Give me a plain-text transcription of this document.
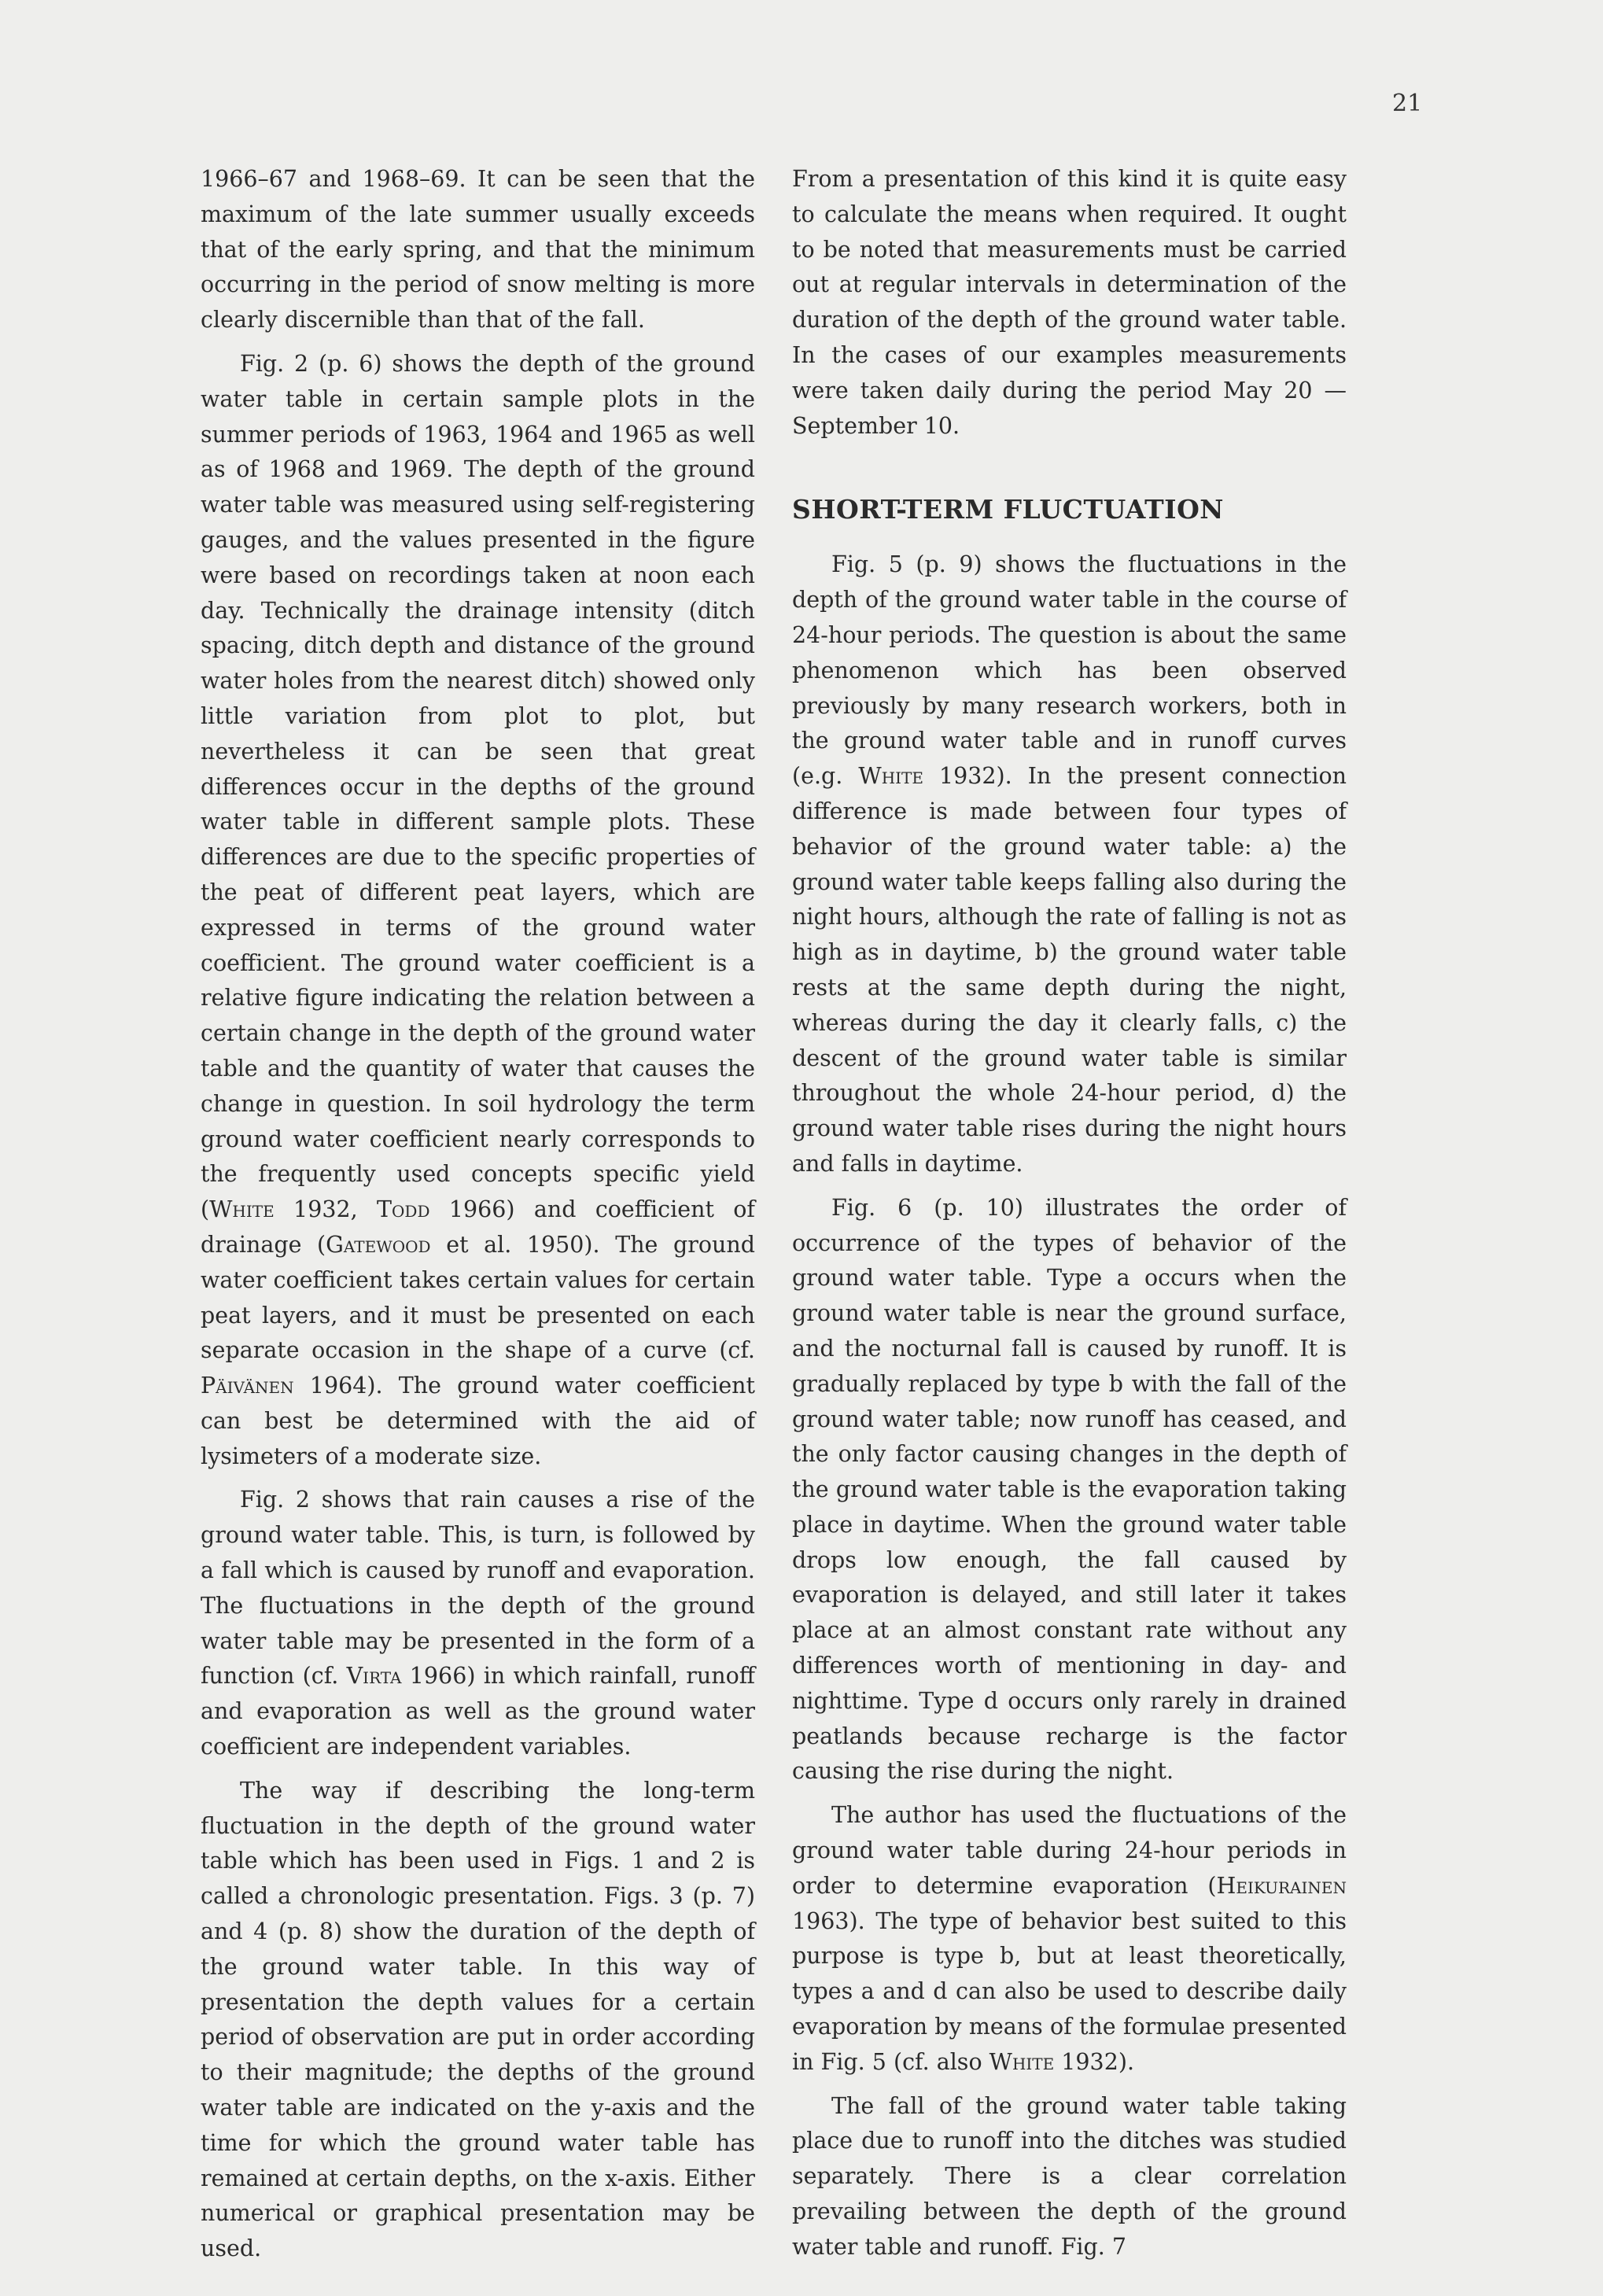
21

1966–67 and 1968–69. It can be seen that the maximum of the late summer usually exceeds that of the early spring, and that the minimum occurring in the period of snow melting is more clearly discernible than that of the fall.

Fig. 2 (p. 6) shows the depth of the ground water table in certain sample plots in the summer periods of 1963, 1964 and 1965 as well as of 1968 and 1969. The depth of the ground water table was measured using self-registering gauges, and the values presented in the figure were based on recordings taken at noon each day. Technically the drainage intensity (ditch spacing, ditch depth and distance of the ground water holes from the nearest ditch) showed only little variation from plot to plot, but nevertheless it can be seen that great differences occur in the depths of the ground water table in different sample plots. These differences are due to the specific properties of the peat of different peat layers, which are expressed in terms of the ground water coefficient. The ground water coefficient is a relative figure indicating the relation between a certain change in the depth of the ground water table and the quantity of water that causes the change in question. In soil hydrology the term ground water coefficient nearly corresponds to the frequently used concepts specific yield (White 1932, Todd 1966) and coefficient of drainage (Gatewood et al. 1950). The ground water coefficient takes certain values for certain peat layers, and it must be presented on each separate occasion in the shape of a curve (cf. Päivänen 1964). The ground water coefficient can best be determined with the aid of lysimeters of a moderate size.

Fig. 2 shows that rain causes a rise of the ground water table. This, is turn, is followed by a fall which is caused by runoff and evaporation. The fluctuations in the depth of the ground water table may be presented in the form of a function (cf. Virta 1966) in which rainfall, runoff and evaporation as well as the ground water coefficient are independent variables.

The way if describing the long-term fluctuation in the depth of the ground water table which has been used in Figs. 1 and 2 is called a chronologic presentation. Figs. 3 (p. 7) and 4 (p. 8) show the duration of the depth of the ground water table. In this way of presentation the depth values for a certain period of observation are put in order according to their magnitude; the depths of the ground water table are indicated on the y-axis and the time for which the ground water table has remained at certain depths, on the x-axis. Either numerical or graphical presentation may be used.

From a presentation of this kind it is quite easy to calculate the means when required. It ought to be noted that measurements must be carried out at regular intervals in determination of the duration of the depth of the ground water table. In the cases of our examples measurements were taken daily during the period May 20 — September 10.

SHORT-TERM FLUCTUATION

Fig. 5 (p. 9) shows the fluctuations in the depth of the ground water table in the course of 24-hour periods. The question is about the same phenomenon which has been observed previously by many research workers, both in the ground water table and in runoff curves (e.g. White 1932). In the present connection difference is made between four types of behavior of the ground water table: a) the ground water table keeps falling also during the night hours, although the rate of falling is not as high as in daytime, b) the ground water table rests at the same depth during the night, whereas during the day it clearly falls, c) the descent of the ground water table is similar throughout the whole 24-hour period, d) the ground water table rises during the night hours and falls in daytime.

Fig. 6 (p. 10) illustrates the order of occurrence of the types of behavior of the ground water table. Type a occurs when the ground water table is near the ground surface, and the nocturnal fall is caused by runoff. It is gradually replaced by type b with the fall of the ground water table; now runoff has ceased, and the only factor causing changes in the depth of the ground water table is the evaporation taking place in daytime. When the ground water table drops low enough, the fall caused by evaporation is delayed, and still later it takes place at an almost constant rate without any differences worth of mentioning in day- and nighttime. Type d occurs only rarely in drained peatlands because recharge is the factor causing the rise during the night.

The author has used the fluctuations of the ground water table during 24-hour periods in order to determine evaporation (Heikurainen 1963). The type of behavior best suited to this purpose is type b, but at least theoretically, types a and d can also be used to describe daily evaporation by means of the formulae presented in Fig. 5 (cf. also White 1932).

The fall of the ground water table taking place due to runoff into the ditches was studied separately. There is a clear correlation prevailing between the depth of the ground water table and runoff. Fig. 7
